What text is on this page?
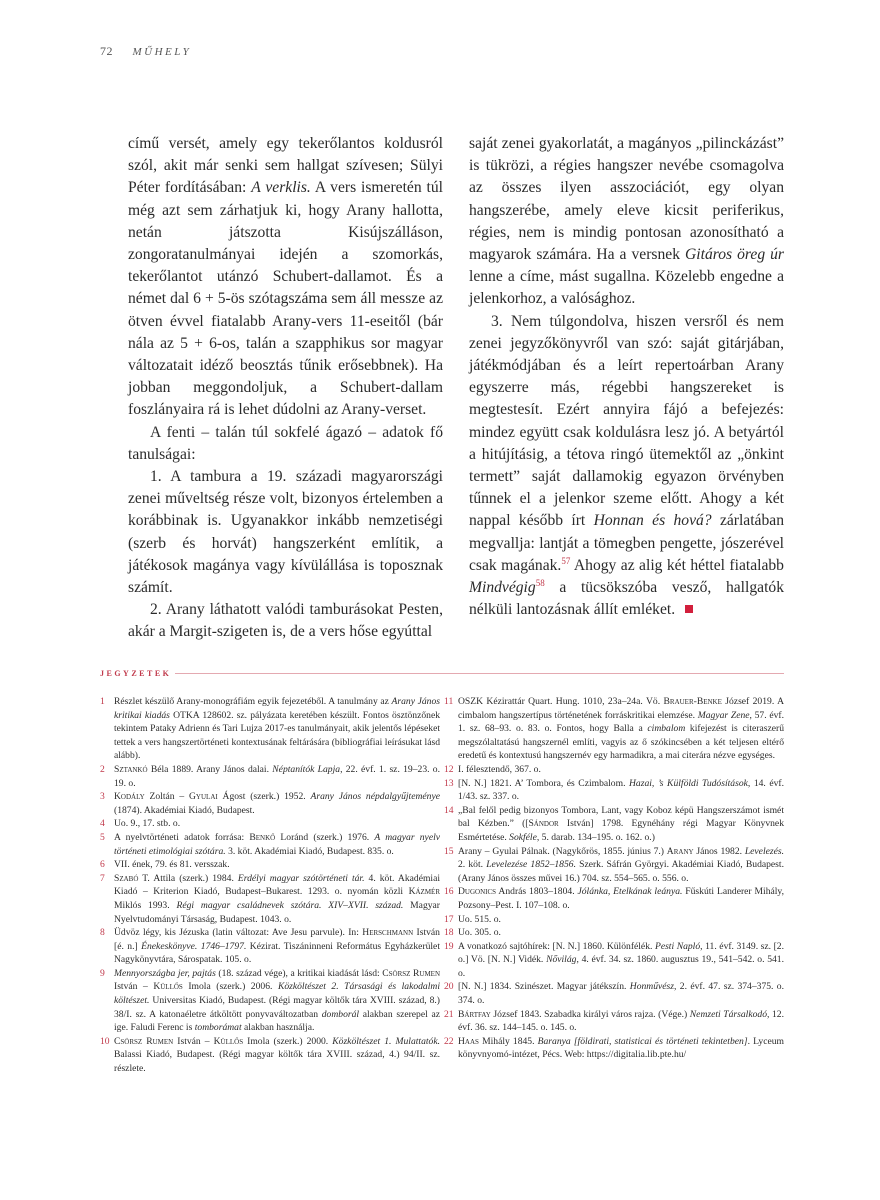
72 MŰHELY

című versét, amely egy tekerőlantos koldusról szól, akit már senki sem hallgat szívesen; Sülyi Péter fordításában: A verklis. A vers ismeretén túl még azt sem zárhatjuk ki, hogy Arany hallotta, netán játszotta Kisújszálláson, zongoratanulmányai idején a szomorkás, tekerőlantot utánzó Schubert-dallamot. És a német dal 6 + 5-ös szótagszáma sem áll messze az ötven évvel fiatalabb Arany-vers 11-eseitől (bár nála az 5 + 6-os, talán a szapphikus sor magyar változatait idéző beosztás tűnik erősebbnek). Ha jobban meggondoljuk, a Schubert-dallam foszlányaira rá is lehet dúdolni az Arany-verset.

A fenti – talán túl sokfelé ágazó – adatok fő tanulságai:

1. A tambura a 19. századi magyarországi zenei műveltség része volt, bizonyos értelemben a korábbinak is. Ugyanakkor inkább nemzetiségi (szerb és horvát) hangszerként említik, a játékosok magánya vagy kívülállása is toposznak számít.

2. Arany láthatott valódi tamburásokat Pesten, akár a Margit-szigeten is, de a vers hőse egyúttal

saját zenei gyakorlatát, a magányos „pilinckázást” is tükrözi, a régies hangszer nevébe csomagolva az összes ilyen asszociációt, egy olyan hangszerébe, amely eleve kicsit periferikus, régies, nem is mindig pontosan azonosítható a magyarok számára. Ha a versnek Gitáros öreg úr lenne a címe, mást sugallna. Közelebb engedne a jelenkorhoz, a valósághoz.

3. Nem túlgondolva, hiszen versről és nem zenei jegyzőkönyvről van szó: saját gitárjában, játékmódjában és a leírt repertoárban Arany egyszerre más, régebbi hangszereket is megtestesít. Ezért annyira fájó a befejezés: mindez együtt csak koldulásra lesz jó. A betyártól a hitújításig, a tétova ringó ütemektől az „önkint termett” saját dallamokig egyazon örvényben tűnnek el a jelenkor szeme előtt. Ahogy a két nappal később írt Honnan és hová? zárlatában megvallja: lantját a tömegben pengette, jószerével csak magának.$^{57}$ Ahogy az alig két héttel fiatalabb Mindvégig$^{58}$ a tücsökszóba vesző, hallgatók nélküli lantozásnak állít emléket.

JEGYZETEK
1 Részlet készülő Arany-monográfiám egyik fejezetéből. A tanulmány az Arany János kritikai kiadás OTKA 128602. sz. pályázata keretében készült. Fontos ösztönzőnek tekintem Pataky Adrienn és Tari Lujza 2017-es tanulmányait, akik jelentős lépéseket tettek a vers hangszertörténeti kontextusának feltárására (bibliográfiai leírásukat lásd alább).
2 Sztankó Béla 1889. Arany János dalai. Néptanítók Lapja, 22. évf. 1. sz. 19–23. o. 19. o.
3 Kodály Zoltán – Gyulai Ágost (szerk.) 1952. Arany János népdalgyűjteménye (1874). Akadémiai Kiadó, Budapest.
4 Uo. 9., 17. stb. o.
5 A nyelvtörténeti adatok forrása: Benkő Loránd (szerk.) 1976. A magyar nyelv történeti etimológiai szótára. 3. köt. Akadémiai Kiadó, Budapest. 835. o.
6 VII. ének, 79. és 81. versszak.
7 Szabó T. Attila (szerk.) 1984. Erdélyi magyar szótörténeti tár. 4. köt. Akadémiai Kiadó – Kriterion Kiadó, Budapest–Bukarest. 1293. o. nyomán közli Kázmér Miklós 1993. Régi magyar családnevek szótára. XIV–XVII. század. Magyar Nyelvtudományi Társaság, Budapest. 1043. o.
8 Üdvöz légy, kis Jézuska (latin változat: Ave Jesu parvule). In: Herschmann István [é. n.] Énekeskönyve. 1746–1797. Kézirat. Tiszáninneni Református Egyházkerület Nagykönyvtára, Sárospatak. 105. o.
9 Mennyországba jer, pajtás (18. század vége), a kritikai kiadását lásd: Csörsz Rumen István – Küllős Imola (szerk.) 2006. Közköltészet 2. Társasági és lakodalmi költészet. Universitas Kiadó, Budapest. (Régi magyar költők tára XVIII. század, 8.) 38/I. sz. A katonaéletre átköltött ponyvaváltozatban domborál alakban szerepel az ige. Faludi Ferenc is tomborámat alakban használja.
10 Csörsz Rumen István – Küllős Imola (szerk.) 2000. Közköltészet 1. Mulattatók. Balassi Kiadó, Budapest. (Régi magyar költők tára XVIII. század, 4.) 94/II. sz. részlete.
11 OSZK Kézirattár Quart. Hung. 1010, 23a–24a. Vö. Brauer-Benke József 2019. A cimbalom hangszertípus történetének forráskritikai elemzése. Magyar Zene, 57. évf. 1. sz. 68–93. o. 83. o. Fontos, hogy Balla a cimbalom kifejezést is citeraszerű megszólaltatású hangszernél említi, vagyis az ő szókincsében a két teljesen eltérő eredetű és kontextusú hangszernév egy harmadikra, a mai citerára nézve egységes.
12 I. félesztendő, 367. o.
13 [N. N.] 1821. A’ Tombora, és Czimbalom. Hazai, ’s Külföldi Tudósítások, 14. évf. 1/43. sz. 337. o.
14 „Bal felől pedig bizonyos Tombora, Lant, vagy Koboz képü Hangszerszámot ismét bal Kézben.” ([Sándor István] 1798. Egynéhány régi Magyar Könyvnek Esmértetése. Sokféle, 5. darab. 134–195. o. 162. o.)
15 Arany – Gyulai Pálnak. (Nagykőrös, 1855. június 7.) Arany János 1982. Levelezés. 2. köt. Levelezése 1852–1856. Szerk. Sáfrán Györgyi. Akadémiai Kiadó, Budapest. (Arany János összes művei 16.) 704. sz. 554–565. o. 556. o.
16 Dugonics András 1803–1804. Jólánka, Etelkának leánya. Fűskúti Landerer Mihály, Pozsony–Pest. I. 107–108. o.
17 Uo. 515. o.
18 Uo. 305. o.
19 A vonatkozó sajtóhírek: [N. N.] 1860. Különfélék. Pesti Napló, 11. évf. 3149. sz. [2. o.] Vö. [N. N.] Vidék. Nővilág, 4. évf. 34. sz. 1860. augusztus 19., 541–542. o. 541. o.
20 [N. N.] 1834. Szinészet. Magyar játékszín. Honművész, 2. évf. 47. sz. 374–375. o. 374. o.
21 Bártfay József 1843. Szabadka királyi város rajza. (Vége.) Nemzeti Társalkodó, 12. évf. 36. sz. 144–145. o. 145. o.
22 Haas Mihály 1845. Baranya [földirati, statisticai és történeti tekintetben]. Lyceum könyvnyomó-intézet, Pécs. Web: https://digitalia.lib.pte.hu/
